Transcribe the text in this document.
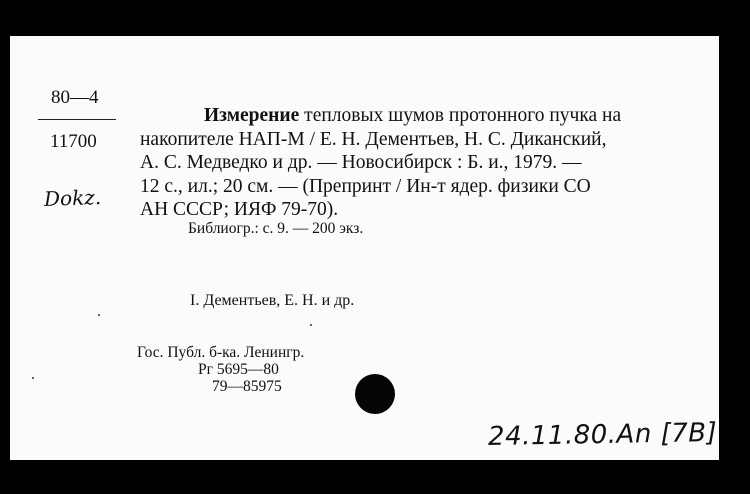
80—4
11700
Dokz.
Измерение тепловых шумов протонного пучка на
накопителе НАП-М / Е. Н. Дементьев, Н. С. Диканский,
А. С. Медведко и др. — Новосибирск : Б. и., 1979. —
12 с., ил.; 20 см. — (Препринт / Ин-т ядер. физики СО
АН СССР; ИЯФ 79-70).
Библиогр.: с. 9. — 200 экз.
I. Дементьев, Е. Н. и др.
Гос. Публ. б-ка. Ленингр.
Рг 5695—80
79—85975
24.11.80.An [7B]
